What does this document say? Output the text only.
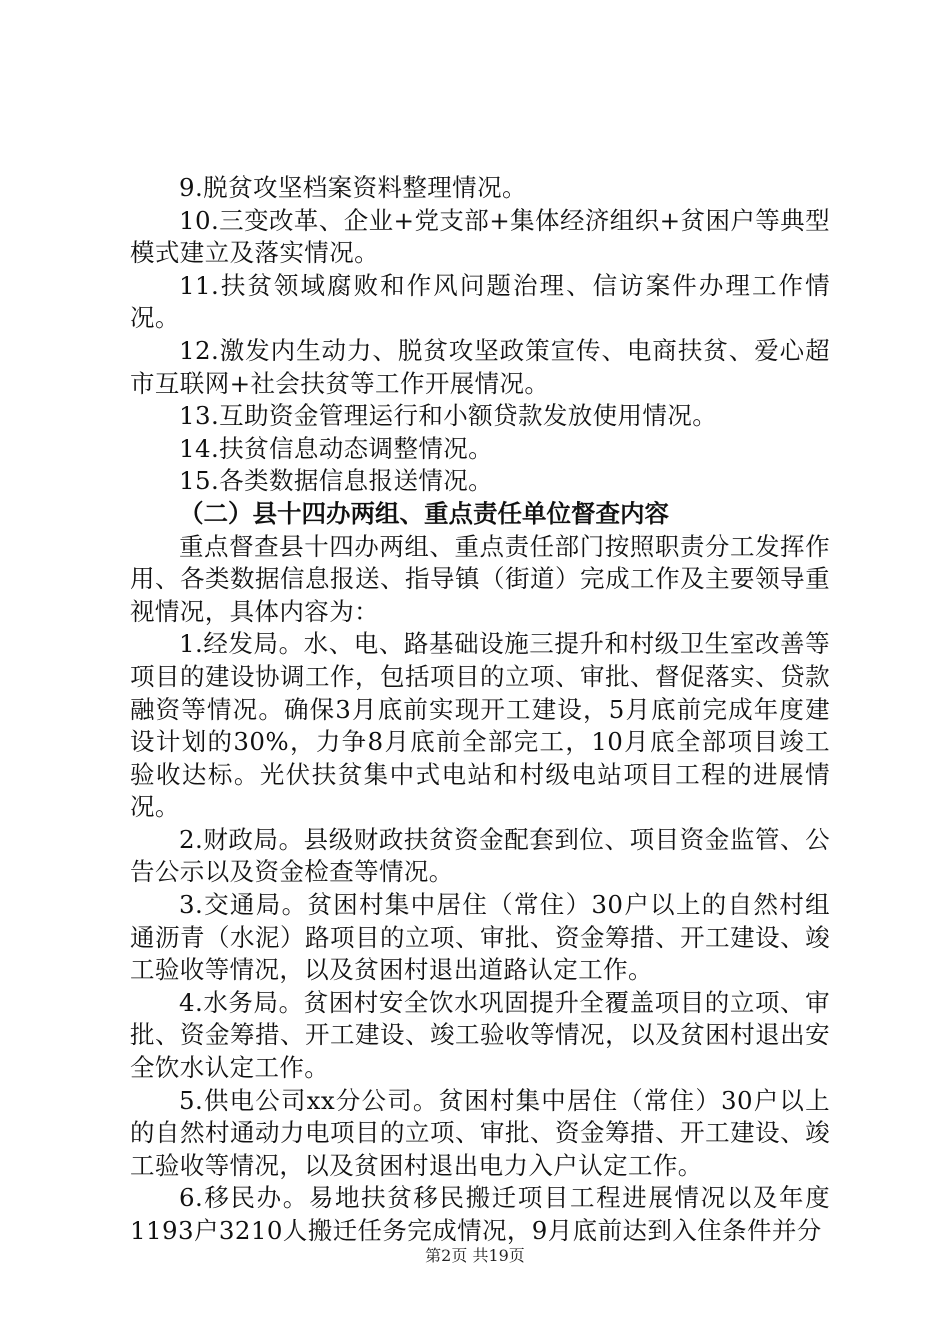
9.脱贫攻坚档案资料整理情况。

10.三变改革、企业+党支部+集体经济组织+贫困户等典型模式建立及落实情况。

11.扶贫领域腐败和作风问题治理、信访案件办理工作情况。

12.激发内生动力、脱贫攻坚政策宣传、电商扶贫、爱心超市互联网+社会扶贫等工作开展情况。

13.互助资金管理运行和小额贷款发放使用情况。

14.扶贫信息动态调整情况。

15.各类数据信息报送情况。

（二）县十四办两组、重点责任单位督查内容

重点督查县十四办两组、重点责任部门按照职责分工发挥作用、各类数据信息报送、指导镇（街道）完成工作及主要领导重视情况，具体内容为：

1.经发局。水、电、路基础设施三提升和村级卫生室改善等项目的建设协调工作，包括项目的立项、审批、督促落实、贷款融资等情况。确保3月底前实现开工建设，5月底前完成年度建设计划的30%，力争8月底前全部完工，10月底全部项目竣工验收达标。光伏扶贫集中式电站和村级电站项目工程的进展情况。

2.财政局。县级财政扶贫资金配套到位、项目资金监管、公告公示以及资金检查等情况。

3.交通局。贫困村集中居住（常住）30户以上的自然村组通沥青（水泥）路项目的立项、审批、资金筹措、开工建设、竣工验收等情况，以及贫困村退出道路认定工作。

4.水务局。贫困村安全饮水巩固提升全覆盖项目的立项、审批、资金筹措、开工建设、竣工验收等情况，以及贫困村退出安全饮水认定工作。

5.供电公司xx分公司。贫困村集中居住（常住）30户以上的自然村通动力电项目的立项、审批、资金筹措、开工建设、竣工验收等情况，以及贫困村退出电力入户认定工作。

6.移民办。易地扶贫移民搬迁项目工程进展情况以及年度1193户3210人搬迁任务完成情况，9月底前达到入住条件并分

第2页 共19页
